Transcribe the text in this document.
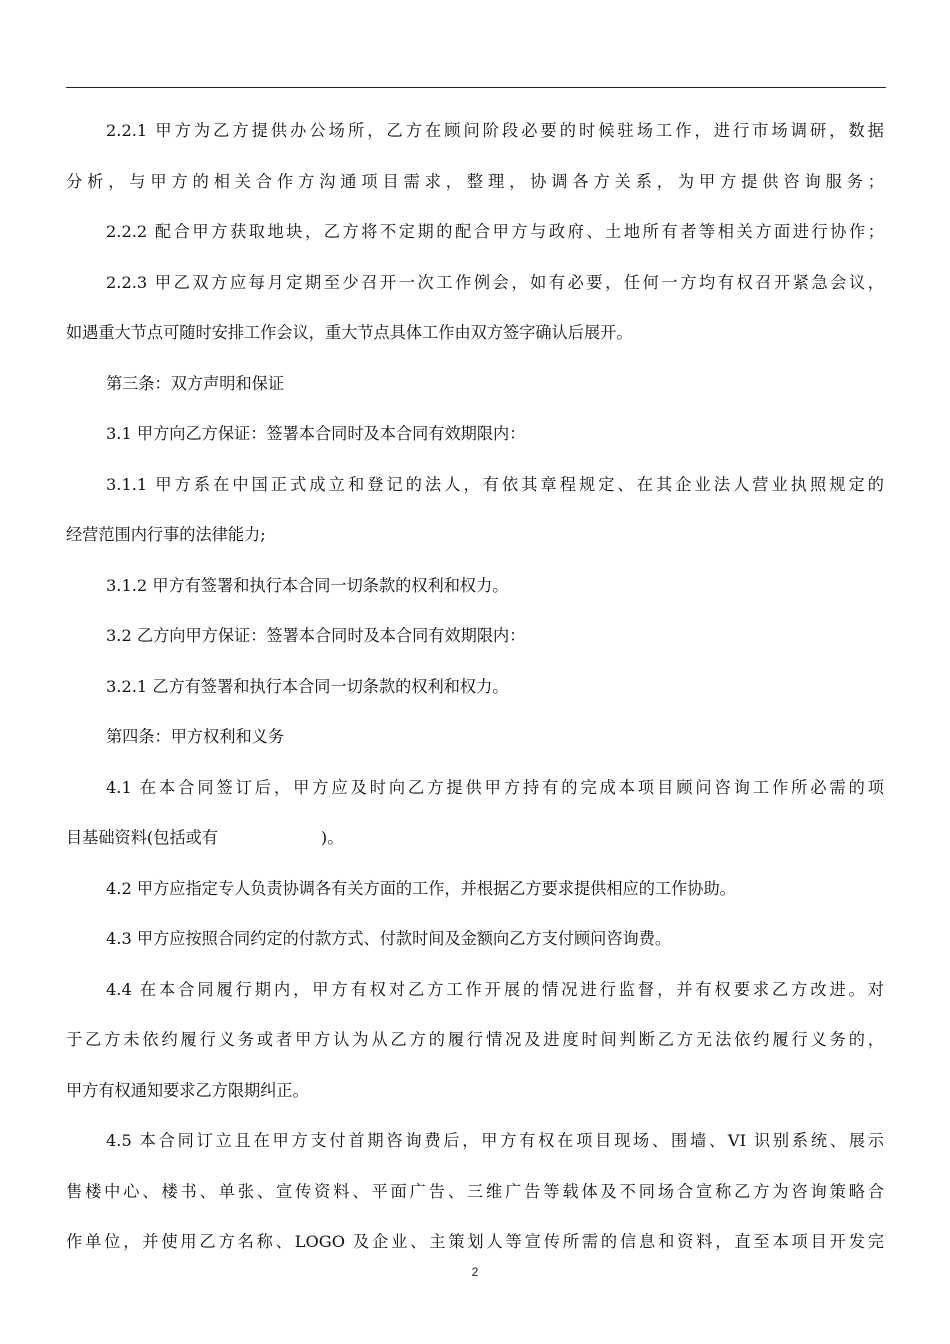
2.2.1 甲方为乙方提供办公场所，乙方在顾问阶段必要的时候驻场工作，进行市场调研，数据
分析，与甲方的相关合作方沟通项目需求，整理，协调各方关系，为甲方提供咨询服务；
2.2.2 配合甲方获取地块，乙方将不定期的配合甲方与政府、土地所有者等相关方面进行协作；
2.2.3 甲乙双方应每月定期至少召开一次工作例会，如有必要，任何一方均有权召开紧急会议，
如遇重大节点可随时安排工作会议，重大节点具体工作由双方签字确认后展开。
第三条：双方声明和保证
3.1 甲方向乙方保证：签署本合同时及本合同有效期限内：
3.1.1 甲方系在中国正式成立和登记的法人，有依其章程规定、在其企业法人营业执照规定的
经营范围内行事的法律能力;
3.1.2 甲方有签署和执行本合同一切条款的权利和权力。
3.2 乙方向甲方保证：签署本合同时及本合同有效期限内：
3.2.1 乙方有签署和执行本合同一切条款的权利和权力。
第四条：甲方权利和义务
4.1 在本合同签订后，甲方应及时向乙方提供甲方持有的完成本项目顾问咨询工作所必需的项
目基础资料(包括或有                    )。
4.2 甲方应指定专人负责协调各有关方面的工作，并根据乙方要求提供相应的工作协助。
4.3 甲方应按照合同约定的付款方式、付款时间及金额向乙方支付顾问咨询费。
4.4 在本合同履行期内，甲方有权对乙方工作开展的情况进行监督，并有权要求乙方改进。对
于乙方未依约履行义务或者甲方认为从乙方的履行情况及进度时间判断乙方无法依约履行义务的，
甲方有权通知要求乙方限期纠正。
4.5 本合同订立且在甲方支付首期咨询费后，甲方有权在项目现场、围墙、VI 识别系统、展示
售楼中心、楼书、单张、宣传资料、平面广告、三维广告等载体及不同场合宣称乙方为咨询策略合
作单位，并使用乙方名称、LOGO 及企业、主策划人等宣传所需的信息和资料，直至本项目开发完
2
